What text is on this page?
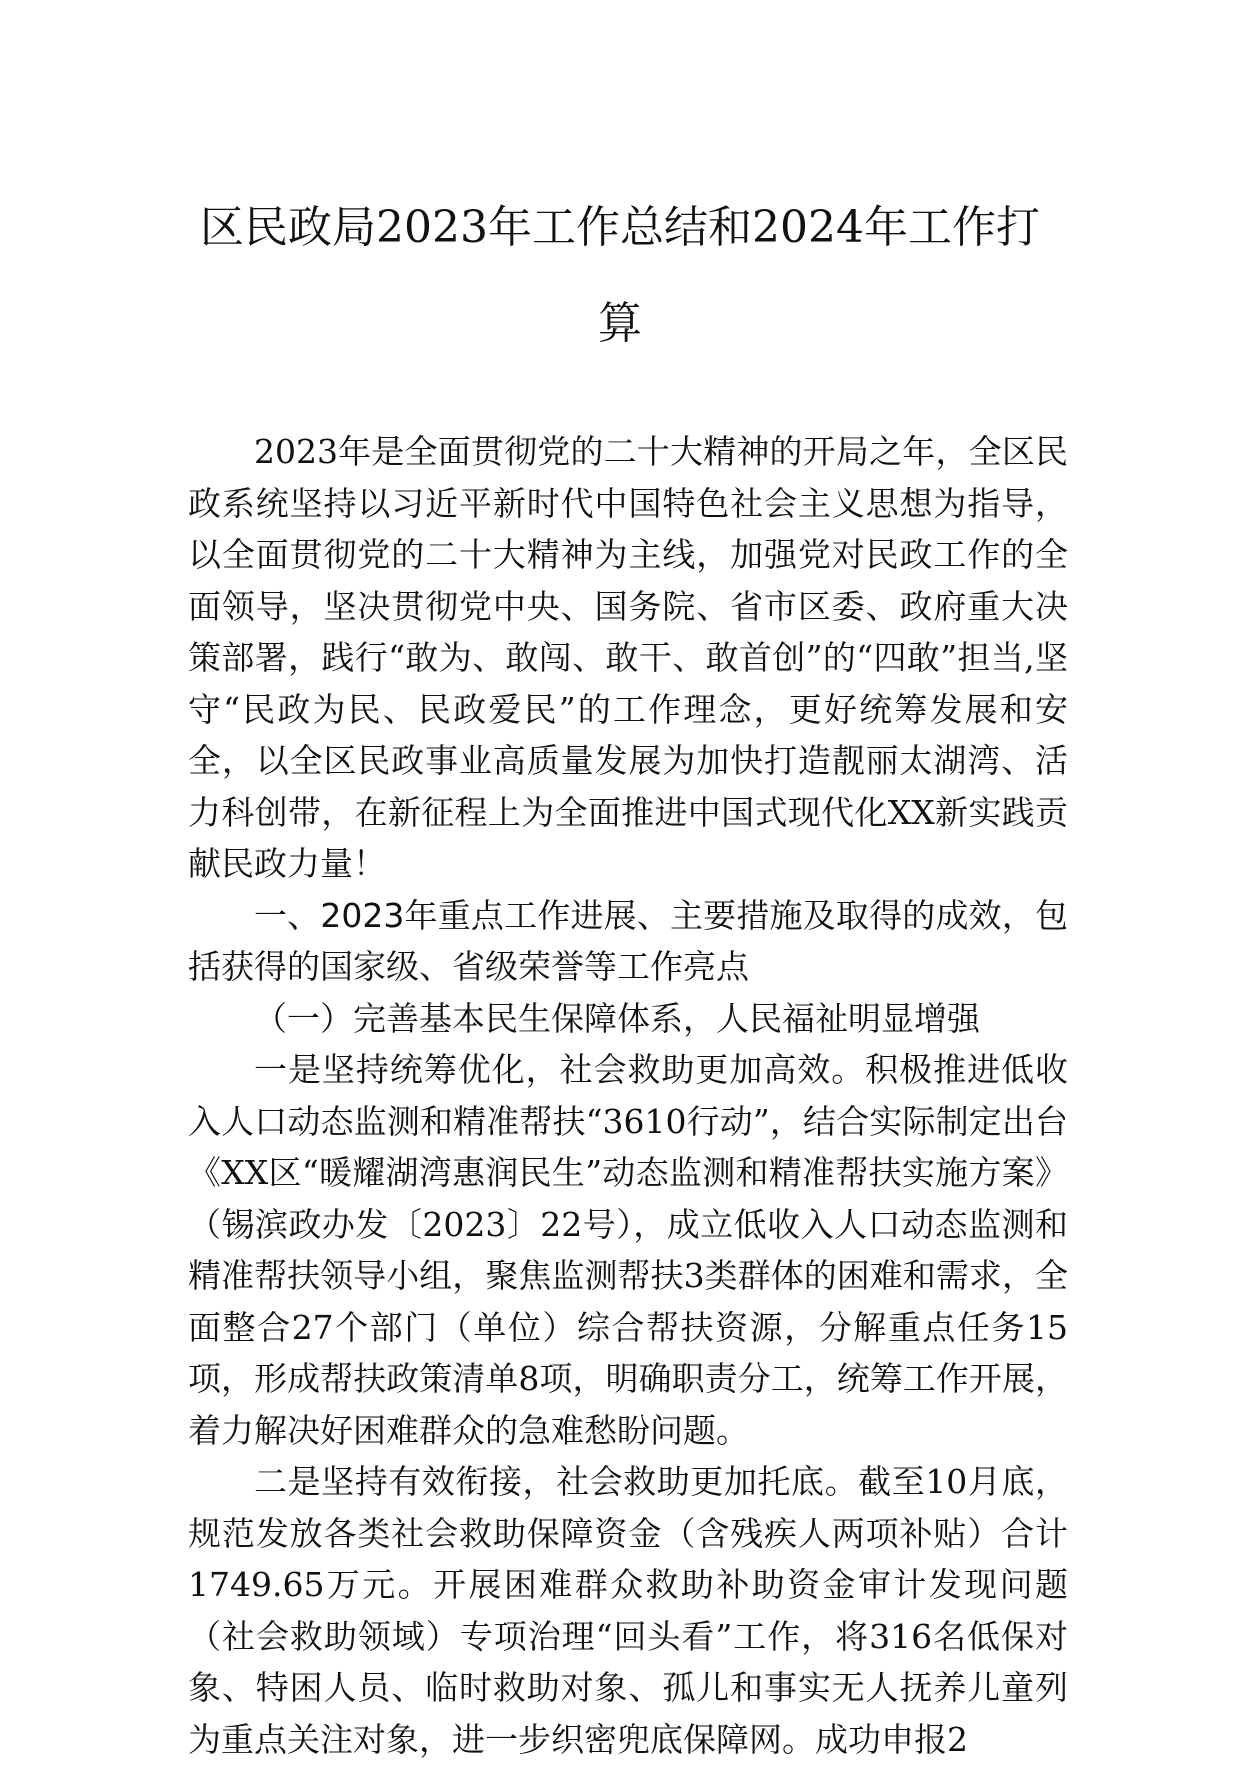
区民政局2023年工作总结和2024年工作打算

2023年是全面贯彻党的二十大精神的开局之年，全区民政系统坚持以习近平新时代中国特色社会主义思想为指导，以全面贯彻党的二十大精神为主线，加强党对民政工作的全面领导，坚决贯彻党中央、国务院、省市区委、政府重大决策部署，践行“敢为、敢闯、敢干、敢首创”的“四敢”担当,坚守“民政为民、民政爱民”的工作理念，更好统筹发展和安全，以全区民政事业高质量发展为加快打造靓丽太湖湾、活力科创带，在新征程上为全面推进中国式现代化XX新实践贡献民政力量！

一、2023年重点工作进展、主要措施及取得的成效，包括获得的国家级、省级荣誉等工作亮点

（一）完善基本民生保障体系，人民福祉明显增强

一是坚持统筹优化，社会救助更加高效。积极推进低收入人口动态监测和精准帮扶“3610行动”，结合实际制定出台《XX区“暖耀湖湾惠润民生”动态监测和精准帮扶实施方案》（锡滨政办发〔2023〕22号），成立低收入人口动态监测和精准帮扶领导小组，聚焦监测帮扶3类群体的困难和需求，全面整合27个部门（单位）综合帮扶资源，分解重点任务15项，形成帮扶政策清单8项，明确职责分工，统筹工作开展，着力解决好困难群众的急难愁盼问题。

二是坚持有效衔接，社会救助更加托底。截至10月底，规范发放各类社会救助保障资金（含残疾人两项补贴）合计1749.65万元。开展困难群众救助补助资金审计发现问题（社会救助领域）专项治理“回头看”工作，将316名低保对象、特困人员、临时救助对象、孤儿和事实无人抚养儿童列为重点关注对象，进一步织密兜底保障网。成功申报2
